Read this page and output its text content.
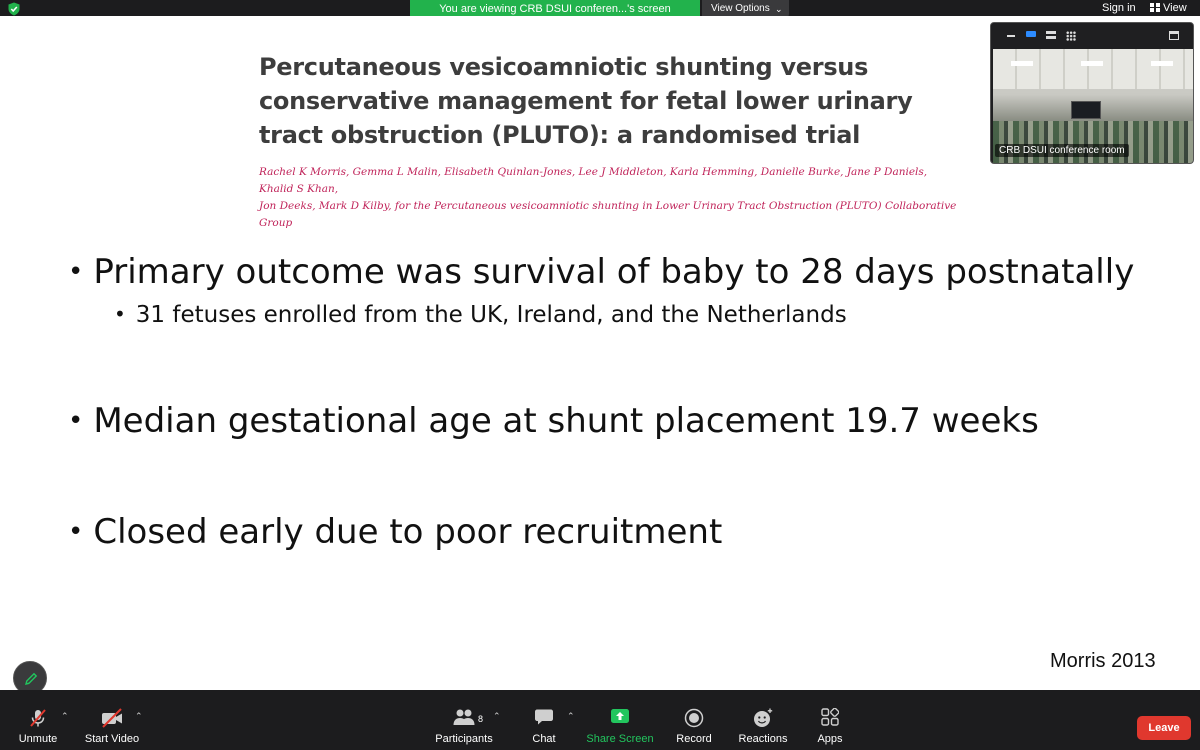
Sign in	View
You are viewing CRB DSUI conferen...'s screen	View Options ⌄
Percutaneous vesicoamniotic shunting versus conservative management for fetal lower urinary tract obstruction (PLUTO): a randomised trial
Rachel K Morris, Gemma L Malin, Elisabeth Quinlan-Jones, Lee J Middleton, Karla Hemming, Danielle Burke, Jane P Daniels, Khalid S Khan,
Jon Deeks, Mark D Kilby, for the Percutaneous vesicoamniotic shunting in Lower Urinary Tract Obstruction (PLUTO) Collaborative Group
• Primary outcome was survival of baby to 28 days postnatally
• 31 fetuses enrolled from the UK, Ireland, and the Netherlands
• Median gestational age at shunt placement 19.7 weeks
• Closed early due to poor recruitment
Morris 2013
CRB DSUI conference room
Unmute
⌃
Start Video
⌃
Participants
8 ⌃
Chat
⌃
Share Screen Record Reactions	Apps
Leave
